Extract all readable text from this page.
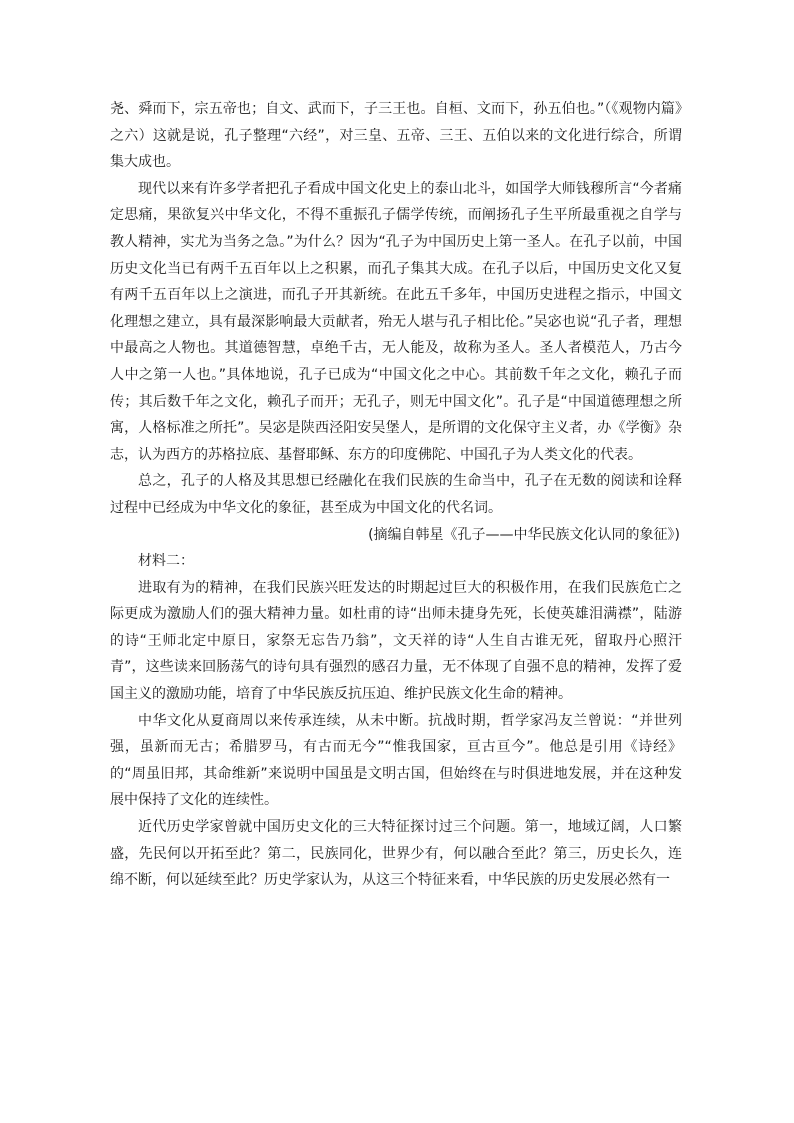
尧、舜而下，宗五帝也；自文、武而下，子三王也。自桓、文而下，孙五伯也。”（《观物内篇》之六）这就是说，孔子整理“六经”，对三皇、五帝、三王、五伯以来的文化进行综合，所谓集大成也。

现代以来有许多学者把孔子看成中国文化史上的泰山北斗，如国学大师钱穆所言“今者痛定思痛，果欲复兴中华文化，不得不重振孔子儒学传统，而阐扬孔子生平所最重视之自学与教人精神，实尤为当务之急。”为什么？因为“孔子为中国历史上第一圣人。在孔子以前，中国历史文化当已有两千五百年以上之积累，而孔子集其大成。在孔子以后，中国历史文化又复有两千五百年以上之演进，而孔子开其新统。在此五千多年，中国历史进程之指示，中国文化理想之建立，具有最深影响最大贡献者，殆无人堪与孔子相比伦。”吴宓也说“孔子者，理想中最高之人物也。其道德智慧，卓绝千古，无人能及，故称为圣人。圣人者模范人，乃古今人中之第一人也。”具体地说，孔子已成为“中国文化之中心。其前数千年之文化，赖孔子而传；其后数千年之文化，赖孔子而开；无孔子，则无中国文化”。孔子是“中国道德理想之所寓，人格标准之所托”。吴宓是陕西泾阳安吴堡人，是所谓的文化保守主义者，办《学衡》杂志，认为西方的苏格拉底、基督耶稣、东方的印度佛陀、中国孔子为人类文化的代表。

总之，孔子的人格及其思想已经融化在我们民族的生命当中，孔子在无数的阅读和诠释过程中已经成为中华文化的象征，甚至成为中国文化的代名词。

(摘编自韩星《孔子——中华民族文化认同的象征》)

材料二：

进取有为的精神，在我们民族兴旺发达的时期起过巨大的积极作用，在我们民族危亡之际更成为激励人们的强大精神力量。如杜甫的诗“出师未捷身先死，长使英雄泪满襟”，陆游的诗“王师北定中原日，家祭无忘告乃翁”，文天祥的诗“人生自古谁无死，留取丹心照汗青”，这些读来回肠荡气的诗句具有强烈的感召力量，无不体现了自强不息的精神，发挥了爱国主义的激励功能，培育了中华民族反抗压迫、维护民族文化生命的精神。

中华文化从夏商周以来传承连续，从未中断。抗战时期，哲学家冯友兰曾说：“并世列强，虽新而无古；希腊罗马，有古而无今”“惟我国家，亘古亘今”。他总是引用《诗经》的“周虽旧邦，其命维新”来说明中国虽是文明古国，但始终在与时俱进地发展，并在这种发展中保持了文化的连续性。

近代历史学家曾就中国历史文化的三大特征探讨过三个问题。第一，地域辽阔，人口繁盛，先民何以开拓至此？第二，民族同化，世界少有，何以融合至此？第三，历史长久，连绵不断，何以延续至此？历史学家认为，从这三个特征来看，中华民族的历史发展必然有一
